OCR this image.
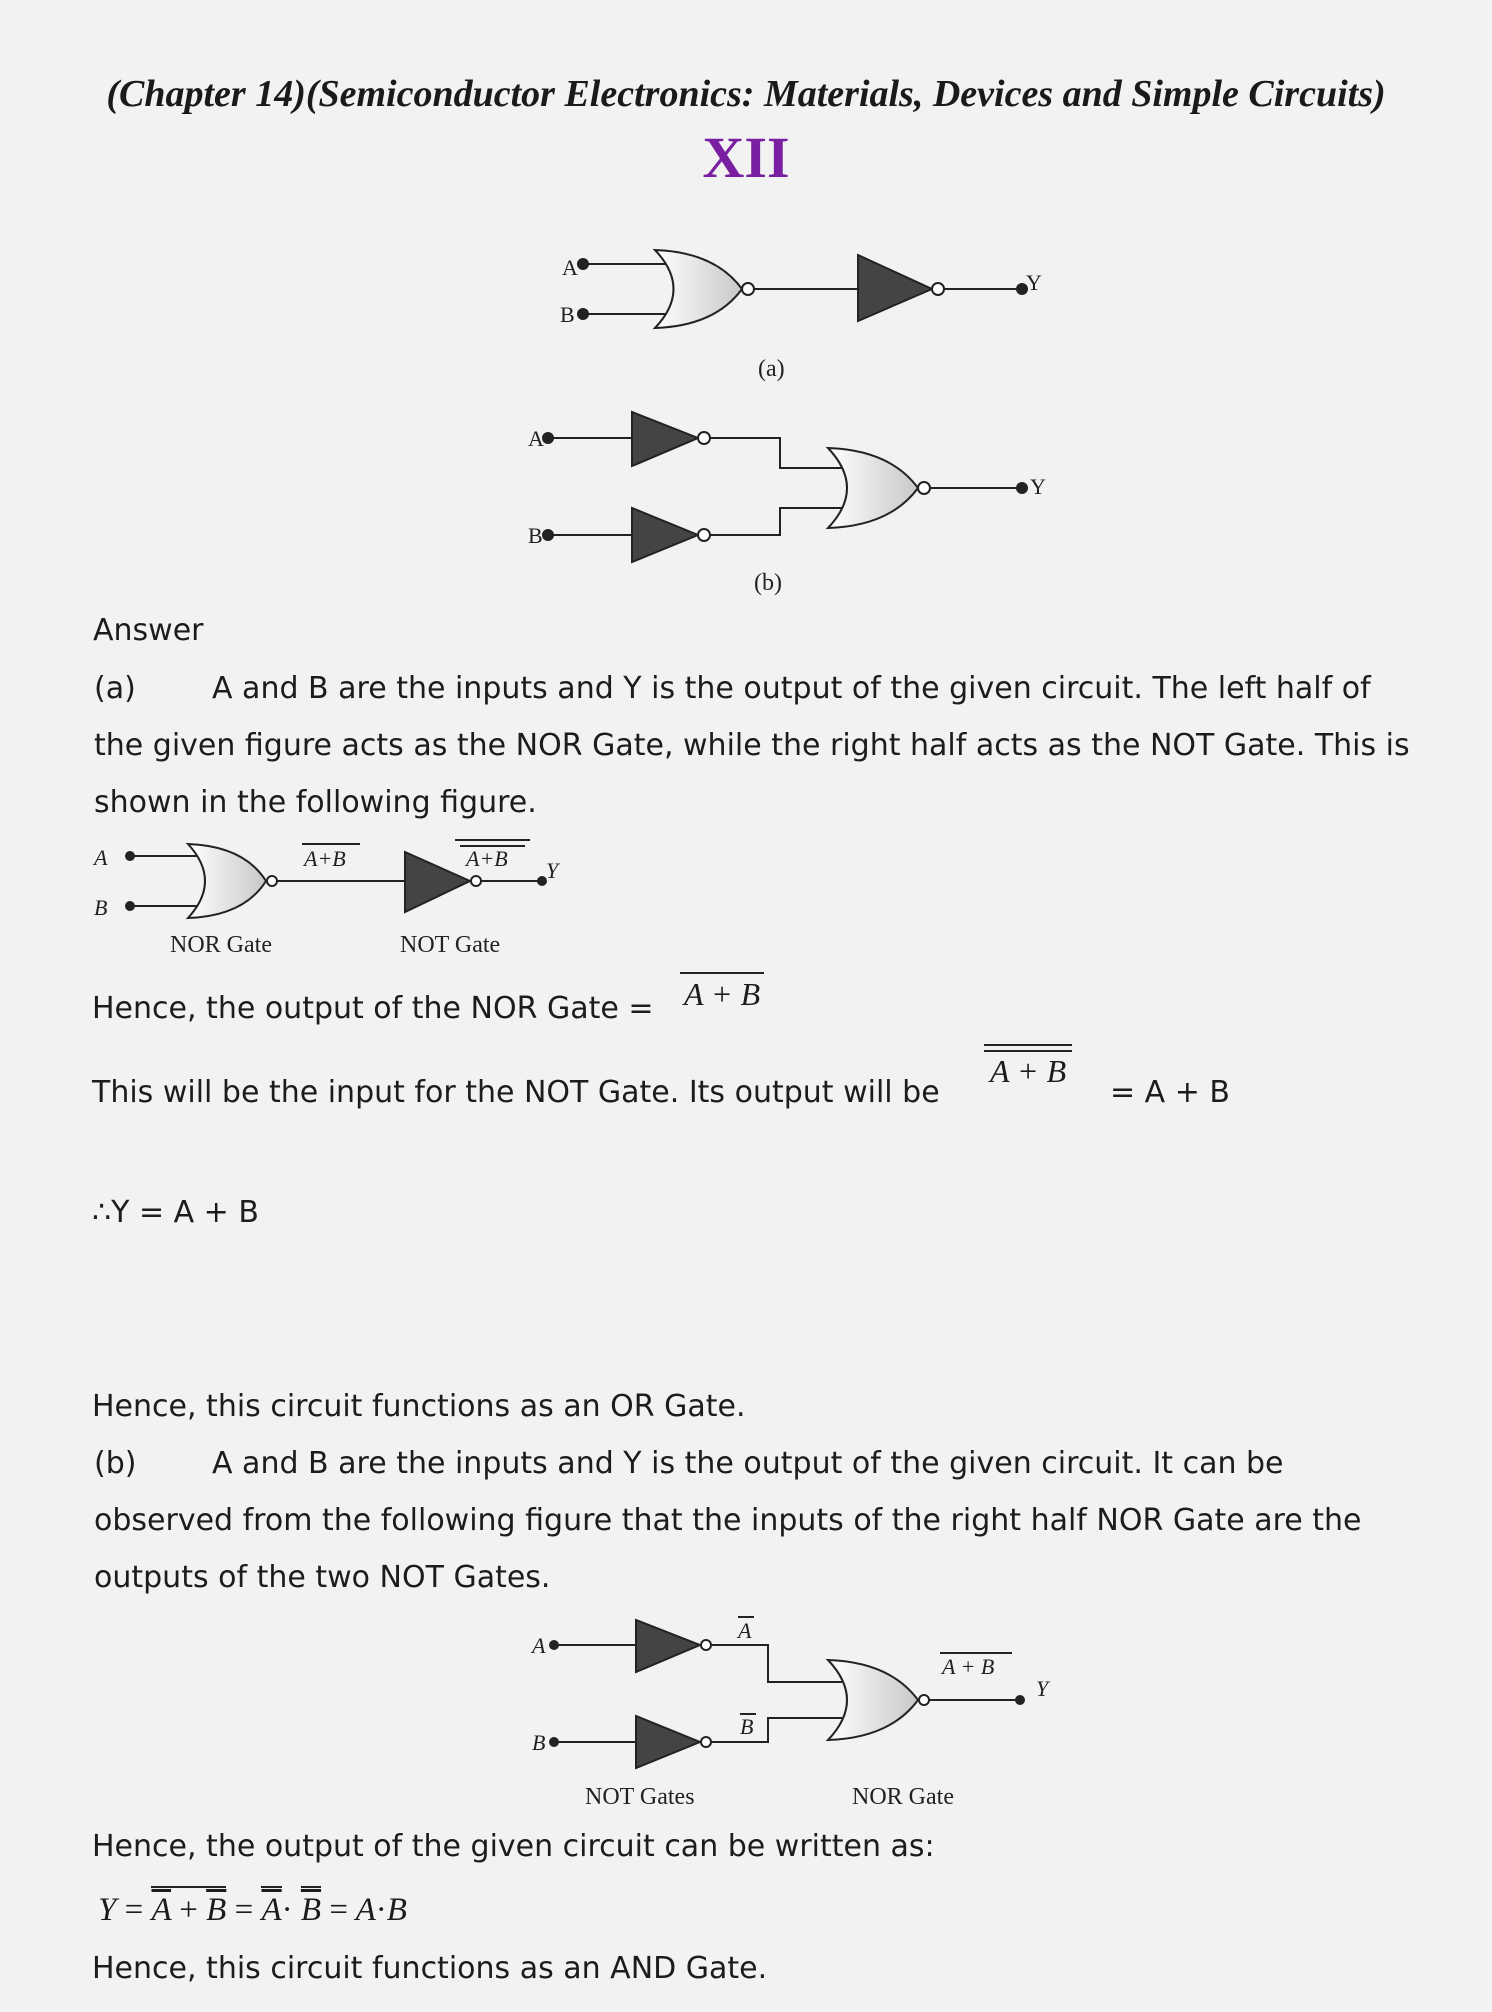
(Chapter 14)(Semiconductor Electronics: Materials, Devices and Simple Circuits)
XII
A
B
Y
(a)
A
B
Y
(b)
Answer
(a)	A and B are the inputs and Y is the output of the given circuit. The left half of
the given figure acts as the NOR Gate, while the right half acts as the NOT Gate. This is
shown in the following figure.
A
B
A+B	A+B Y
NOR Gate	NOT Gate
Hence, the output of the NOR Gate = A + B
This will be the input for the NOT Gate. Its output will be
A + B
= A + B
∴Y = A + B
Hence, this circuit functions as an OR Gate.
(b)	A and B are the inputs and Y is the output of the given circuit. It can be
observed from the following figure that the inputs of the right half NOR Gate are the
outputs of the two NOT Gates.
A
B
A
B
A + B
Y
NOT Gates	NOR Gate
Hence, the output of the given circuit can be written as:
$Y = \overline{A} + \overline{B} = \overline{A}\cdot \overline{B} = A\cdot B$
Hence, this circuit functions as an AND Gate.
